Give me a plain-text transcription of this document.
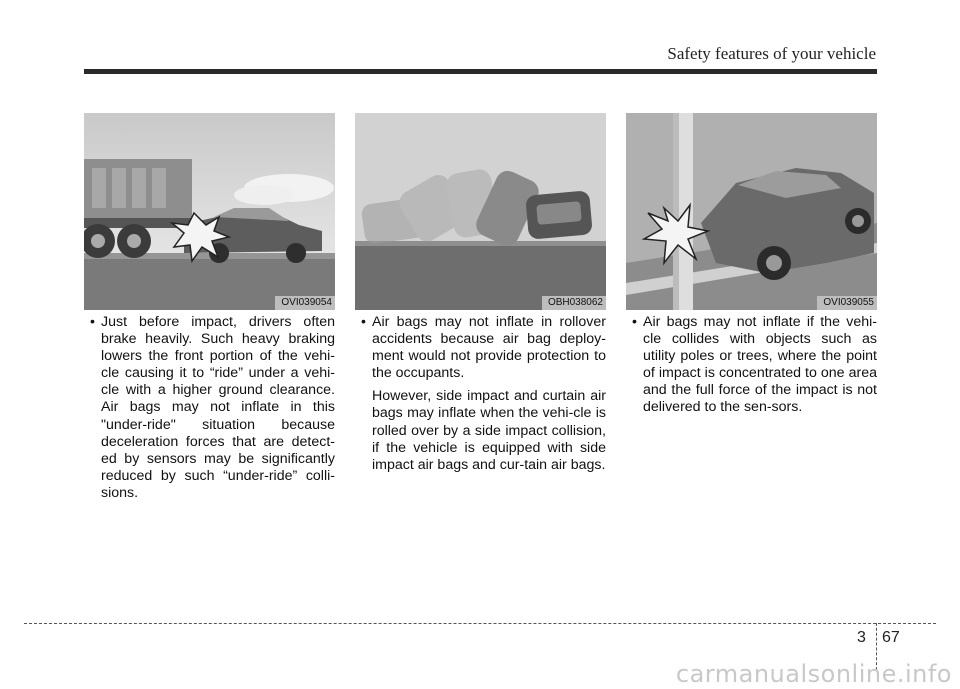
Safety features of your vehicle
OVI039054	OBH038062	OVI039055

• Just before impact, drivers often brake heavily. Such heavy braking lowers the front portion of the vehi-cle causing it to “ride” under a vehi-cle with a higher ground clearance. Air bags may not inflate in this "under-ride" situation because deceleration forces that are detect-ed by sensors may be significantly reduced by such “under-ride” colli-sions.

• Air bags may not inflate in rollover accidents because air bag deploy-ment would not provide protection to the occupants.

However, side impact and curtain air bags may inflate when the vehi-cle is rolled over by a side impact collision, if the vehicle is equipped with side impact air bags and cur-tain air bags.

• Air bags may not inflate if the vehi-cle collides with objects such as utility poles or trees, where the point of impact is concentrated to one area and the full force of the impact is not delivered to the sen-sors.

3 67
carmanualsonline.info
